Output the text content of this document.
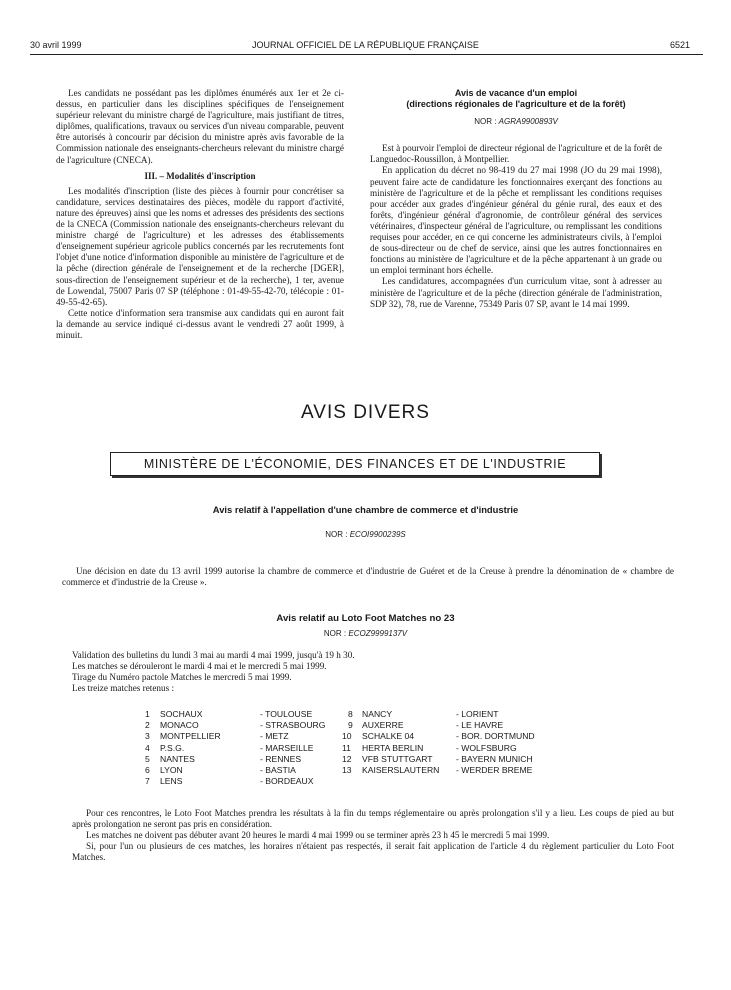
30 avril 1999	JOURNAL OFFICIEL DE LA RÉPUBLIQUE FRANÇAISE	6521

Les candidats ne possédant pas les diplômes énumérés aux 1er et 2e ci-dessus, en particulier dans les disciplines spécifiques de l'enseignement supérieur relevant du ministre chargé de l'agriculture, mais justifiant de titres, diplômes, qualifications, travaux ou services d'un niveau comparable, peuvent être autorisés à concourir par décision du ministre après avis favorable de la Commission nationale des enseignants-chercheurs relevant du ministre chargé de l'agriculture (CNECA).

III. – Modalités d'inscription

Les modalités d'inscription (liste des pièces à fournir pour concrétiser sa candidature, services destinataires des pièces, modèle du rapport d'activité, nature des épreuves) ainsi que les noms et adresses des présidents des sections de la CNECA (Commission nationale des enseignants-chercheurs relevant du ministre chargé de l'agriculture) et les adresses des établissements d'enseignement supérieur agricole publics concernés par les recrutements font l'objet d'une notice d'information disponible au ministère de l'agriculture et de la pêche (direction générale de l'enseignement et de la recherche [DGER], sous-direction de l'enseignement supérieur et de la recherche), 1 ter, avenue de Lowendal, 75007 Paris 07 SP (téléphone : 01-49-55-42-70, télécopie : 01-49-55-42-65).

Cette notice d'information sera transmise aux candidats qui en auront fait la demande au service indiqué ci-dessus avant le vendredi 27 août 1999, à minuit.

Avis de vacance d'un emploi
(directions régionales de l'agriculture et de la forêt)
NOR : AGRA9900893V

Est à pourvoir l'emploi de directeur régional de l'agriculture et de la forêt de Languedoc-Roussillon, à Montpellier.

En application du décret no 98-419 du 27 mai 1998 (JO du 29 mai 1998), peuvent faire acte de candidature les fonctionnaires exerçant des fonctions au ministère de l'agriculture et de la pêche et remplissant les conditions requises pour accéder aux grades d'ingénieur général du génie rural, des eaux et des forêts, d'ingénieur général d'agronomie, de contrôleur général des services vétérinaires, d'inspecteur général de l'agriculture, ou remplissant les conditions requises pour accéder, en ce qui concerne les administrateurs civils, à l'emploi de sous-directeur ou de chef de service, ainsi que les autres fonctionnaires en fonctions au ministère de l'agriculture et de la pêche appartenant à un grade ou un emploi terminant hors échelle.

Les candidatures, accompagnées d'un curriculum vitae, sont à adresser au ministère de l'agriculture et de la pêche (direction générale de l'administration, SDP 32), 78, rue de Varenne, 75349 Paris 07 SP, avant le 14 mai 1999.

AVIS DIVERS
MINISTÈRE DE L'ÉCONOMIE, DES FINANCES ET DE L'INDUSTRIE
Avis relatif à l'appellation d'une chambre de commerce et d'industrie
NOR : ECOI9900239S

Une décision en date du 13 avril 1999 autorise la chambre de commerce et d'industrie de Guéret et de la Creuse à prendre la dénomination de « chambre de commerce et d'industrie de la Creuse ».

Avis relatif au Loto Foot Matches no 23
NOR : ECOZ9999137V

Validation des bulletins du lundi 3 mai au mardi 4 mai 1999, jusqu'à 19 h 30.

Les matches se dérouleront le mardi 4 mai et le mercredi 5 mai 1999.

Tirage du Numéro pactole Matches le mercredi 5 mai 1999.

Les treize matches retenus :

1 SOCHAUX	- TOULOUSE	8 NANCY	- LORIENT
2 MONACO	- STRASBOURG	9 AUXERRE	- LE HAVRE
3 MONTPELLIER	- METZ	10 SCHALKE 04	- BOR. DORTMUND
4 P.S.G.	- MARSEILLE	11 HERTA BERLIN	- WOLFSBURG
5 NANTES	- RENNES	12 VFB STUTTGART	- BAYERN MUNICH
6 LYON	- BASTIA	13 KAISERSLAUTERN - WERDER BREME
7 LENS	- BORDEAUX

Pour ces rencontres, le Loto Foot Matches prendra les résultats à la fin du temps réglementaire ou après prolongation s'il y a lieu. Les coups de pied au but après prolongation ne seront pas pris en considération.

Les matches ne doivent pas débuter avant 20 heures le mardi 4 mai 1999 ou se terminer après 23 h 45 le mercredi 5 mai 1999.

Si, pour l'un ou plusieurs de ces matches, les horaires n'étaient pas respectés, il serait fait application de l'article 4 du règlement particulier du Loto Foot Matches.
